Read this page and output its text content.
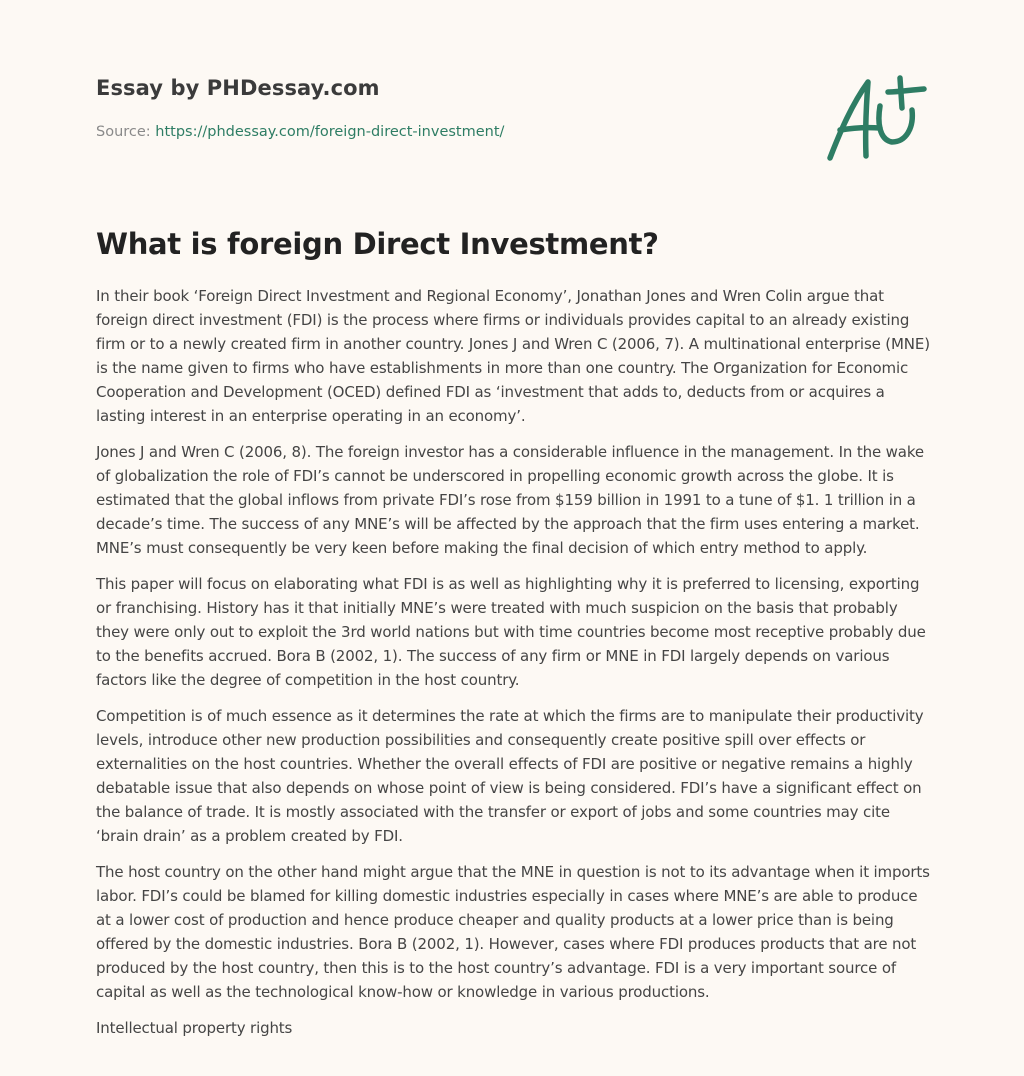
Essay by PHDessay.com
Source: https://phdessay.com/foreign-direct-investment/
What is foreign Direct Investment?

In their book ‘Foreign Direct Investment and Regional Economy’, Jonathan Jones and Wren Colin argue that foreign direct investment (FDI) is the process where firms or individuals provides capital to an already existing firm or to a newly created firm in another country. Jones J and Wren C (2006, 7). A multinational enterprise (MNE) is the name given to firms who have establishments in more than one country. The Organization for Economic Cooperation and Development (OCED) defined FDI as ‘investment that adds to, deducts from or acquires a lasting interest in an enterprise operating in an economy’.

Jones J and Wren C (2006, 8). The foreign investor has a considerable influence in the management. In the wake of globalization the role of FDI’s cannot be underscored in propelling economic growth across the globe. It is estimated that the global inflows from private FDI’s rose from $159 billion in 1991 to a tune of $1. 1 trillion in a decade’s time. The success of any MNE’s will be affected by the approach that the firm uses entering a market. MNE’s must consequently be very keen before making the final decision of which entry method to apply.

This paper will focus on elaborating what FDI is as well as highlighting why it is preferred to licensing, exporting or franchising. History has it that initially MNE’s were treated with much suspicion on the basis that probably they were only out to exploit the 3rd world nations but with time countries become most receptive probably due to the benefits accrued. Bora B (2002, 1). The success of any firm or MNE in FDI largely depends on various factors like the degree of competition in the host country.

Competition is of much essence as it determines the rate at which the firms are to manipulate their productivity levels, introduce other new production possibilities and consequently create positive spill over effects or externalities on the host countries. Whether the overall effects of FDI are positive or negative remains a highly debatable issue that also depends on whose point of view is being considered. FDI’s have a significant effect on the balance of trade. It is mostly associated with the transfer or export of jobs and some countries may cite ‘brain drain’ as a problem created by FDI.

The host country on the other hand might argue that the MNE in question is not to its advantage when it imports labor. FDI’s could be blamed for killing domestic industries especially in cases where MNE’s are able to produce at a lower cost of production and hence produce cheaper and quality products at a lower price than is being offered by the domestic industries. Bora B (2002, 1). However, cases where FDI produces products that are not produced by the host country, then this is to the host country’s advantage. FDI is a very important source of capital as well as the technological know-how or knowledge in various productions.

Intellectual property rights
